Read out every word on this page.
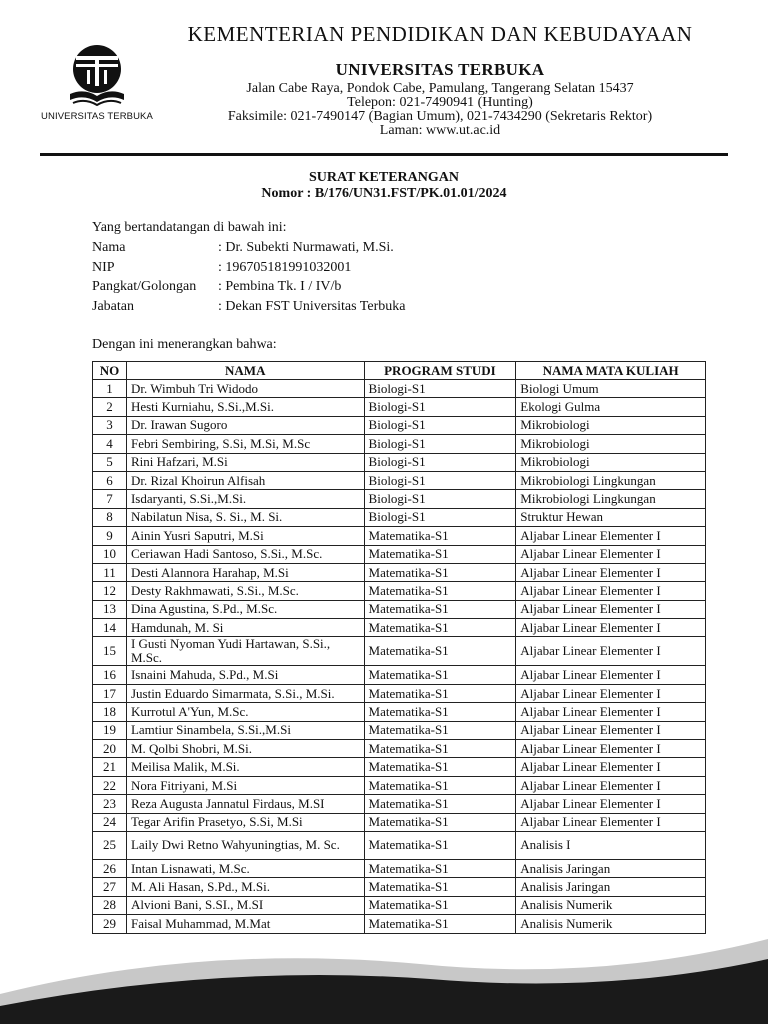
UNIVERSITAS TERBUKA
KEMENTERIAN PENDIDIKAN DAN KEBUDAYAAN
UNIVERSITAS TERBUKA
Jalan Cabe Raya, Pondok Cabe, Pamulang, Tangerang Selatan 15437
Telepon: 021-7490941 (Hunting)
Faksimile: 021-7490147 (Bagian Umum), 021-7434290 (Sekretaris Rektor)
Laman: www.ut.ac.id
SURAT KETERANGAN
Nomor : B/176/UN31.FST/PK.01.01/2024
Yang bertandatangan di bawah ini:
Nama	: Dr. Subekti Nurmawati, M.Si.
NIP	: 196705181991032001
Pangkat/Golongan	: Pembina Tk. I / IV/b
Jabatan	: Dekan FST Universitas Terbuka
Dengan ini menerangkan bahwa:
NO	NAMA	PROGRAM STUDI	NAMA MATA KULIAH
1	Dr. Wimbuh Tri Widodo	Biologi-S1	Biologi Umum
2	Hesti Kurniahu, S.Si.,M.Si.	Biologi-S1	Ekologi Gulma
3	Dr. Irawan Sugoro	Biologi-S1	Mikrobiologi
4	Febri Sembiring, S.Si, M.Si, M.Sc	Biologi-S1	Mikrobiologi
5	Rini Hafzari, M.Si	Biologi-S1	Mikrobiologi
6	Dr. Rizal Khoirun Alfisah	Biologi-S1	Mikrobiologi Lingkungan
7	Isdaryanti, S.Si.,M.Si.	Biologi-S1	Mikrobiologi Lingkungan
8	Nabilatun Nisa, S. Si., M. Si.	Biologi-S1	Struktur Hewan
9	Ainin Yusri Saputri, M.Si	Matematika-S1	Aljabar Linear Elementer I
10	Ceriawan Hadi Santoso, S.Si., M.Sc.	Matematika-S1	Aljabar Linear Elementer I
11	Desti Alannora Harahap, M.Si	Matematika-S1	Aljabar Linear Elementer I
12	Desty Rakhmawati, S.Si., M.Sc.	Matematika-S1	Aljabar Linear Elementer I
13	Dina Agustina, S.Pd., M.Sc.	Matematika-S1	Aljabar Linear Elementer I
14	Hamdunah, M. Si	Matematika-S1	Aljabar Linear Elementer I
15	I Gusti Nyoman Yudi Hartawan, S.Si., M.Sc.	Matematika-S1	Aljabar Linear Elementer I
16	Isnaini Mahuda, S.Pd., M.Si	Matematika-S1	Aljabar Linear Elementer I
17	Justin Eduardo Simarmata, S.Si., M.Si.	Matematika-S1	Aljabar Linear Elementer I
18	Kurrotul A'Yun, M.Sc.	Matematika-S1	Aljabar Linear Elementer I
19	Lamtiur Sinambela, S.Si.,M.Si	Matematika-S1	Aljabar Linear Elementer I
20	M. Qolbi Shobri, M.Si.	Matematika-S1	Aljabar Linear Elementer I
21	Meilisa Malik, M.Si.	Matematika-S1	Aljabar Linear Elementer I
22	Nora Fitriyani, M.Si	Matematika-S1	Aljabar Linear Elementer I
23	Reza Augusta Jannatul Firdaus, M.SI	Matematika-S1	Aljabar Linear Elementer I
24	Tegar Arifin Prasetyo, S.Si, M.Si	Matematika-S1	Aljabar Linear Elementer I
25	Laily Dwi Retno Wahyuningtias, M. Sc.	Matematika-S1	Analisis I
26	Intan Lisnawati, M.Sc.	Matematika-S1	Analisis Jaringan
27	M. Ali Hasan, S.Pd., M.Si.	Matematika-S1	Analisis Jaringan
28	Alvioni Bani, S.SI., M.SI	Matematika-S1	Analisis Numerik
29	Faisal Muhammad, M.Mat	Matematika-S1	Analisis Numerik
